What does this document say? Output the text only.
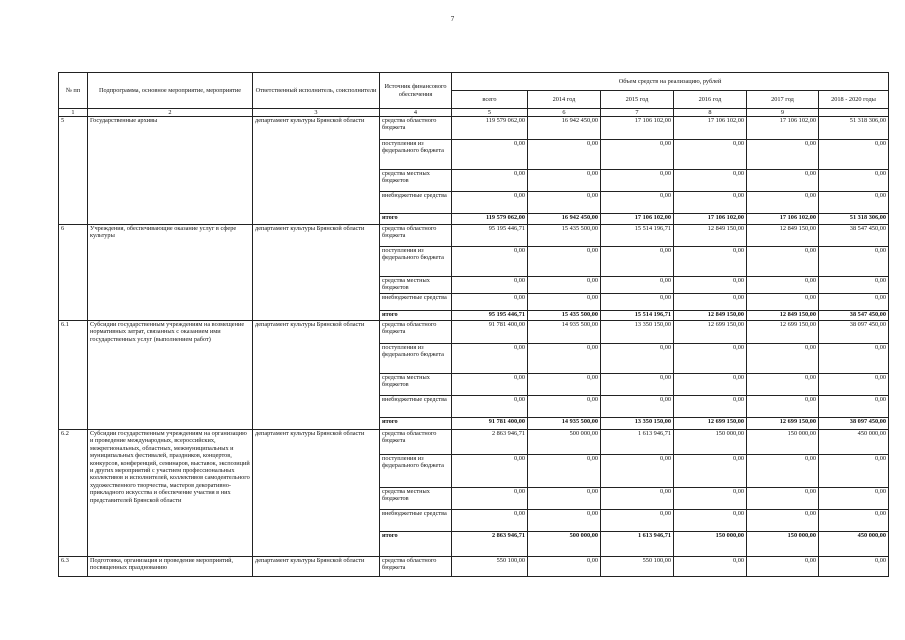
7
№ пп	Подпрограмма, основное мероприятие, мероприятие	Ответственный исполнитель, соисполнители	Источник финансового обеспечения	Объем средств на реализацию, рублей					
				всего	2014 год	2015 год	2016 год	2017 год	2018 - 2020 годы
1	2	3	4	5	6	7	8	9	
5	Государственные архивы	департамент культуры Брянской области	средства областного бюджета	119 579 062,00	16 942 450,00	17 106 102,00	17 106 102,00	17 106 102,00	51 318 306,00
			поступления из федерального бюджета	0,00	0,00	0,00	0,00	0,00	0,00
			средства местных бюджетов	0,00	0,00	0,00	0,00	0,00	0,00
			внебюджетные средства	0,00	0,00	0,00	0,00	0,00	0,00
			итого	119 579 062,00	16 942 450,00	17 106 102,00	17 106 102,00	17 106 102,00	51 318 306,00
6	Учреждения, обеспечивающие оказание услуг в сфере культуры	департамент культуры Брянской области	средства областного бюджета	95 195 446,71	15 435 500,00	15 514 196,71	12 849 150,00	12 849 150,00	38 547 450,00
			поступления из федерального бюджета	0,00	0,00	0,00	0,00	0,00	0,00
			средства местных бюджетов	0,00	0,00	0,00	0,00	0,00	0,00
			внебюджетные средства	0,00	0,00	0,00	0,00	0,00	0,00
			итого	95 195 446,71	15 435 500,00	15 514 196,71	12 849 150,00	12 849 150,00	38 547 450,00
6.1	Субсидии государственным учреждениям на возмещение нормативных затрат, связанных с оказанием ими государственных услуг (выполнением работ)	департамент культуры Брянской области	средства областного бюджета	91 781 400,00	14 935 500,00	13 350 150,00	12 699 150,00	12 699 150,00	38 097 450,00
			поступления из федерального бюджета	0,00	0,00	0,00	0,00	0,00	0,00
			средства местных бюджетов	0,00	0,00	0,00	0,00	0,00	0,00
			внебюджетные средства	0,00	0,00	0,00	0,00	0,00	0,00
			итого	91 781 400,00	14 935 500,00	13 350 150,00	12 699 150,00	12 699 150,00	38 097 450,00
6.2	Субсидии государственным учреждениям на организацию и проведение международных, всероссийских, межрегиональных, областных, межмуниципальных и муниципальных фестивалей, праздников, концертов, конкурсов, конференций, семинаров, выставок, экспозиций и других мероприятий с участием профессиональных коллективов и исполнителей, коллективов самодеятельного художественного творчества, мастеров декоративно-прикладного искусства и обеспечение участия в них представителей Брянской области	департамент культуры Брянской области	средства областного бюджета	2 863 946,71	500 000,00	1 613 946,71	150 000,00	150 000,00	450 000,00
			поступления из федерального бюджета	0,00	0,00	0,00	0,00	0,00	0,00
			средства местных бюджетов	0,00	0,00	0,00	0,00	0,00	0,00
			внебюджетные средства	0,00	0,00	0,00	0,00	0,00	0,00
			итого	2 863 946,71	500 000,00	1 613 946,71	150 000,00	150 000,00	450 000,00
6.3	Подготовка, организация и проведение мероприятий, посвященных празднованию	департамент культуры Брянской области	средства областного бюджета	550 100,00	0,00	550 100,00	0,00	0,00	0,00
